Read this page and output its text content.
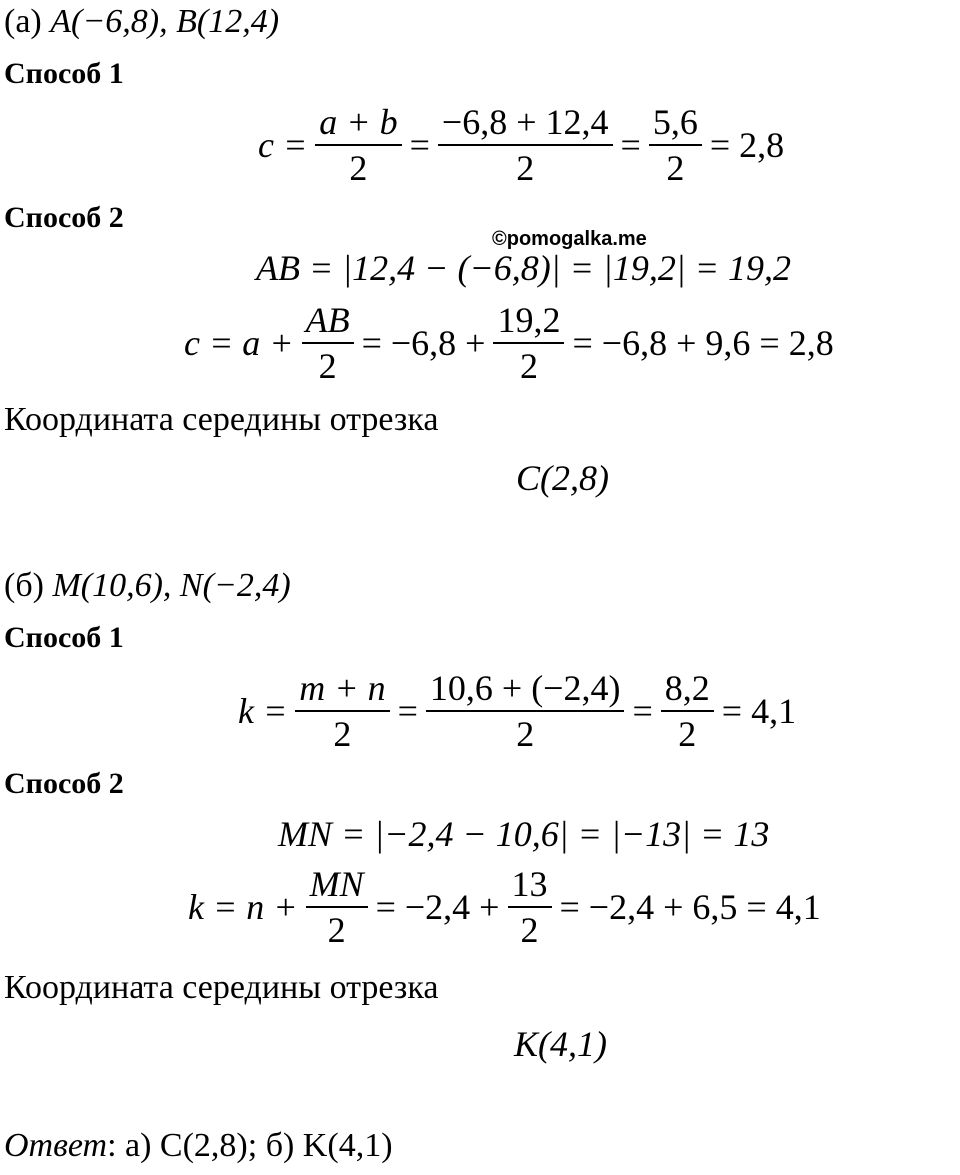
(а) A(−6,8), B(12,4)
Способ 1
$c = \frac{a + b}{2} = \frac{-6,8 + 12,4}{2} = \frac{5,6}{2} = 2,8$
Способ 2
©pomogalka.me
AB = |12,4 − (−6,8)| = |19,2| = 19,2
$c = a + \frac{AB}{2} = -6,8 + \frac{19,2}{2} = -6,8 + 9,6 = 2,8$
Координата середины отрезка
C(2,8)
(б) M(10,6), N(−2,4)
Способ 1
$k = \frac{m + n}{2} = \frac{10,6 + (-2,4)}{2} = \frac{8,2}{2} = 4,1$
Способ 2
MN = |−2,4 − 10,6| = |−13| = 13
$k = n + \frac{MN}{2} = -2,4 + \frac{13}{2} = -2,4 + 6,5 = 4,1$
Координата середины отрезка
K(4,1)
Ответ: а) C(2,8); б) K(4,1)
